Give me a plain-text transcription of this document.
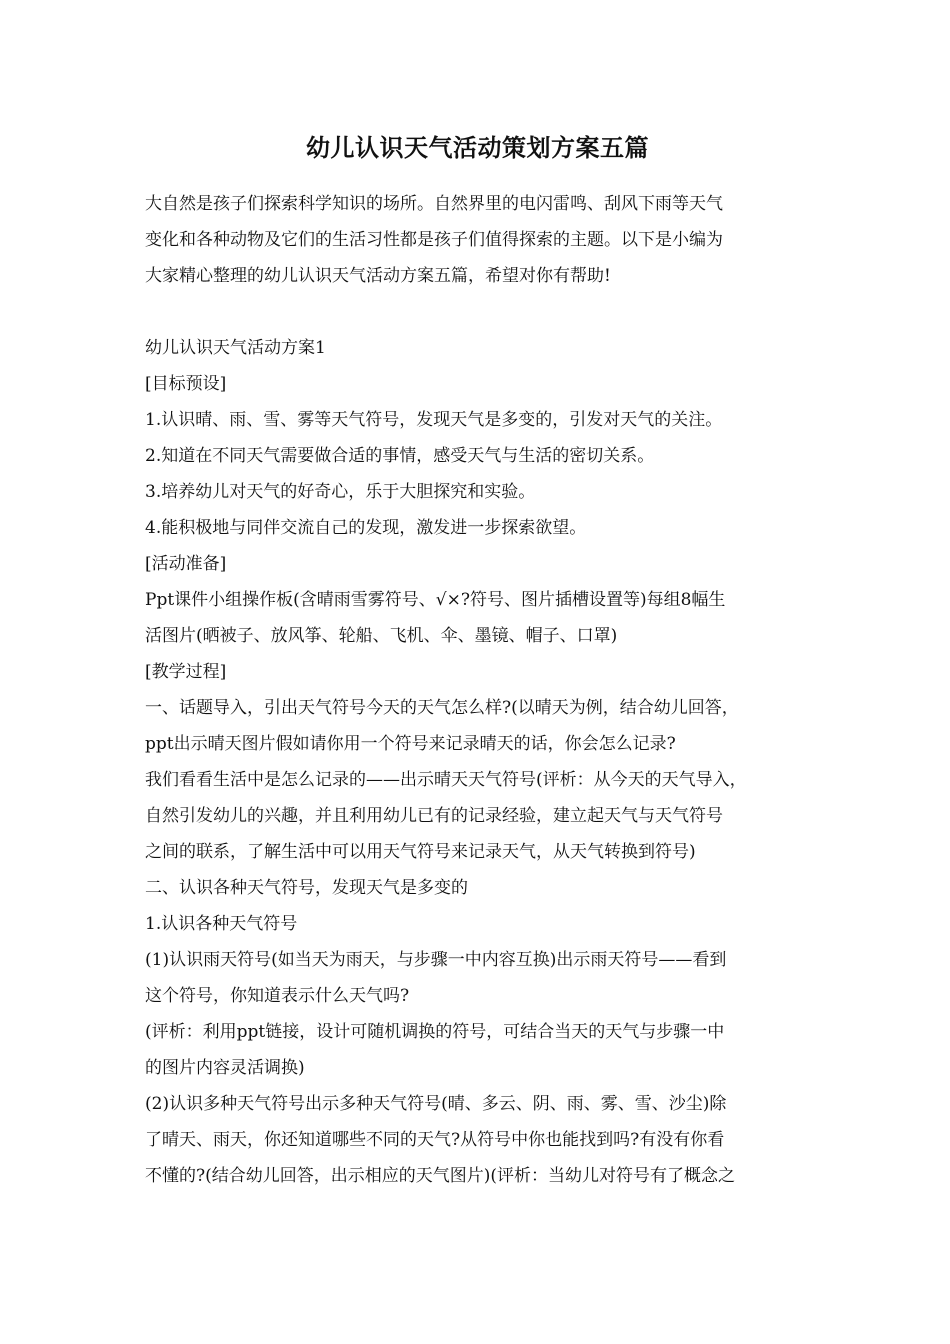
幼儿认识天气活动策划方案五篇

大自然是孩子们探索科学知识的场所。自然界里的电闪雷鸣、刮风下雨等天气

变化和各种动物及它们的生活习性都是孩子们值得探索的主题。以下是小编为

大家精心整理的幼儿认识天气活动方案五篇，希望对你有帮助!

幼儿认识天气活动方案1

[目标预设]

1.认识晴、雨、雪、雾等天气符号，发现天气是多变的，引发对天气的关注。

2.知道在不同天气需要做合适的事情，感受天气与生活的密切关系。

3.培养幼儿对天气的好奇心，乐于大胆探究和实验。

4.能积极地与同伴交流自己的发现，激发进一步探索欲望。

[活动准备]

Ppt课件小组操作板(含晴雨雪雾符号、√×?符号、图片插槽设置等)每组8幅生

活图片(晒被子、放风筝、轮船、飞机、伞、墨镜、帽子、口罩)

[教学过程]

一、话题导入，引出天气符号今天的天气怎么样?(以晴天为例，结合幼儿回答，

ppt出示晴天图片假如请你用一个符号来记录晴天的话，你会怎么记录?

我们看看生活中是怎么记录的——出示晴天天气符号(评析：从今天的天气导入，

自然引发幼儿的兴趣，并且利用幼儿已有的记录经验，建立起天气与天气符号

之间的联系，了解生活中可以用天气符号来记录天气，从天气转换到符号)

二、认识各种天气符号，发现天气是多变的

1.认识各种天气符号

(1)认识雨天符号(如当天为雨天，与步骤一中内容互换)出示雨天符号——看到

这个符号，你知道表示什么天气吗?

(评析：利用ppt链接，设计可随机调换的符号，可结合当天的天气与步骤一中

的图片内容灵活调换)

(2)认识多种天气符号出示多种天气符号(晴、多云、阴、雨、雾、雪、沙尘)除

了晴天、雨天，你还知道哪些不同的天气?从符号中你也能找到吗?有没有你看

不懂的?(结合幼儿回答，出示相应的天气图片)(评析：当幼儿对符号有了概念之
